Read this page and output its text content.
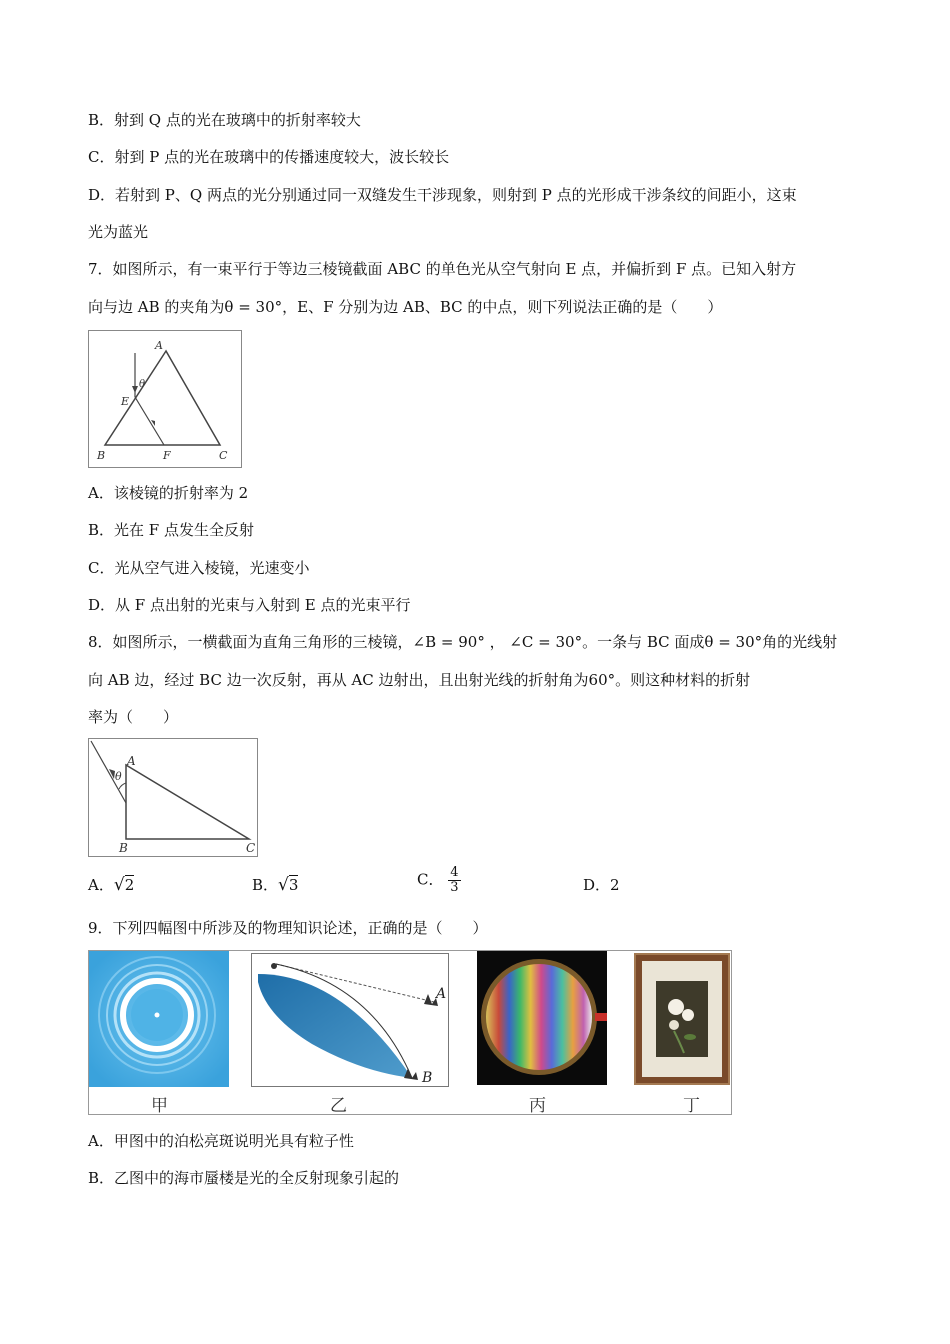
B．射到 Q 点的光在玻璃中的折射率较大
C．射到 P 点的光在玻璃中的传播速度较大，波长较长
D．若射到 P、Q 两点的光分别通过同一双缝发生干涉现象，则射到 P 点的光形成干涉条纹的间距小，这束
光为蓝光
7．如图所示，有一束平行于等边三棱镜截面 ABC 的单色光从空气射向 E 点，并偏折到 F 点。已知入射方
向与边 AB 的夹角为θ = 30°，E、F 分别为边 AB、BC 的中点，则下列说法正确的是（　　）
A
θ
E
B	F	C
A．该棱镜的折射率为 2
B．光在 F 点发生全反射
C．光从空气进入棱镜，光速变小
D．从 F 点出射的光束与入射到 E 点的光束平行
8．如图所示，一横截面为直角三角形的三棱镜，∠B = 90° ， ∠C = 30°。一条与 BC 面成θ = 30°角的光线射
向 AB 边，经过 BC 边一次反射，再从 AC 边射出，且出射光线的折射角为60°。则这种材料的折射
率为（　　）
A
θ
B	C
A．√2	B．√3	C． $\frac{4}{3}$	D．2
9．下列四幅图中所涉及的物理知识论述，正确的是（　　）
甲
A
B
乙	丙	丁
A．甲图中的泊松亮斑说明光具有粒子性
B．乙图中的海市蜃楼是光的全反射现象引起的
